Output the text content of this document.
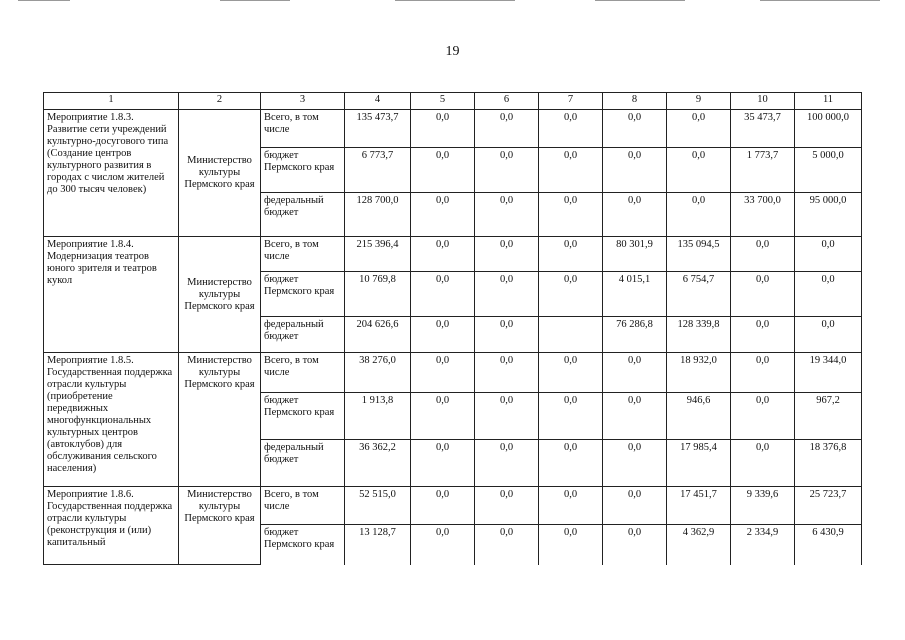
19
1	2	3	4	5	6	7	8	9	10	11
Мероприятие 1.8.3. Развитие сети учреждений культурно-досугового типа (Создание центров культурного развития в городах с числом жителей до 300 тысяч человек)	Министерство культуры Пермского края	Всего, в том числе	135 473,7	0,0	0,0	0,0	0,0	0,0	35 473,7	100 000,0
		бюджет Пермского края	6 773,7	0,0	0,0	0,0	0,0	0,0	1 773,7	5 000,0
		федеральный бюджет	128 700,0	0,0	0,0	0,0	0,0	0,0	33 700,0	95 000,0
Мероприятие 1.8.4. Модернизация театров юного зрителя и театров кукол	Министерство культуры Пермского края	Всего, в том числе	215 396,4	0,0	0,0	0,0	80 301,9	135 094,5	0,0	0,0
		бюджет Пермского края	10 769,8	0,0	0,0	0,0	4 015,1	6 754,7	0,0	0,0
		федеральный бюджет	204 626,6	0,0	0,0		76 286,8	128 339,8	0,0	0,0
Мероприятие 1.8.5. Государственная поддержка отрасли культуры (приобретение передвижных многофункциональных культурных центров (автоклубов) для обслуживания сельского населения)	Министерство культуры Пермского края	Всего, в том числе	38 276,0	0,0	0,0	0,0	0,0	18 932,0	0,0	19 344,0
		бюджет Пермского края	1 913,8	0,0	0,0	0,0	0,0	946,6	0,0	967,2
		федеральный бюджет	36 362,2	0,0	0,0	0,0	0,0	17 985,4	0,0	18 376,8
Мероприятие 1.8.6. Государственная поддержка отрасли культуры (реконструкция и (или) капитальный	Министерство культуры Пермского края	Всего, в том числе	52 515,0	0,0	0,0	0,0	0,0	17 451,7	9 339,6	25 723,7
		бюджет Пермского края	13 128,7	0,0	0,0	0,0	0,0	4 362,9	2 334,9	6 430,9
